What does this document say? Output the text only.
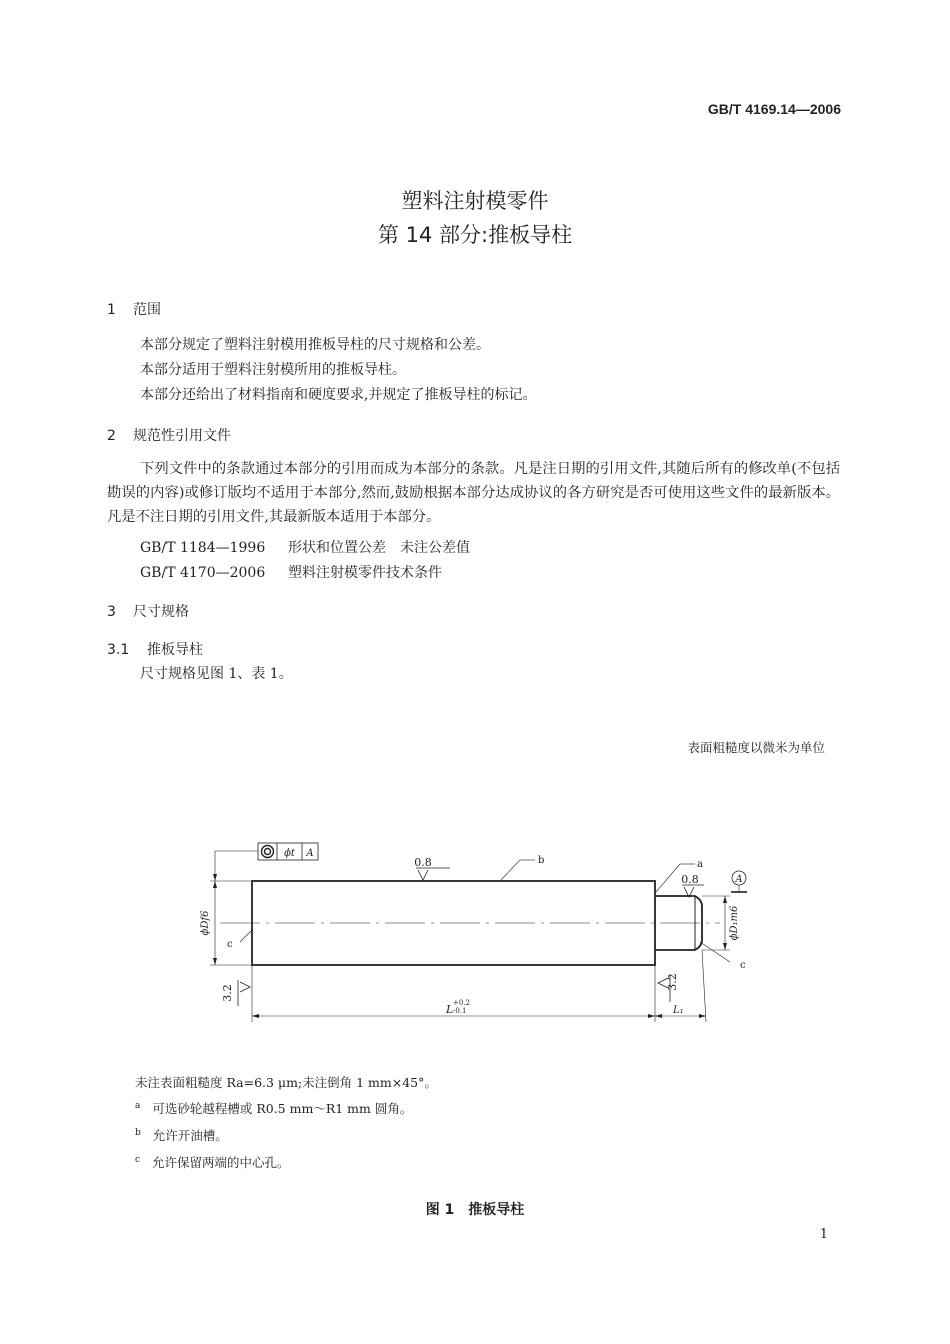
GB/T 4169.14—2006
塑料注射模零件
第 14 部分:推板导柱
1 范围
本部分规定了塑料注射模用推板导柱的尺寸规格和公差。
本部分适用于塑料注射模所用的推板导柱。
本部分还给出了材料指南和硬度要求,并规定了推板导柱的标记。
2 规范性引用文件
下列文件中的条款通过本部分的引用而成为本部分的条款。凡是注日期的引用文件,其随后所有的修改单(不包括勘误的内容)或修订版均不适用于本部分,然而,鼓励根据本部分达成协议的各方研究是否可使用这些文件的最新版本。凡是不注日期的引用文件,其最新版本适用于本部分。
GB/T 1184—1996 形状和位置公差　未注公差值
GB/T 4170—2006 塑料注射模零件技术条件
3 尺寸规格
3.1 推板导柱
尺寸规格见图 1、表 1。
表面粗糙度以微米为单位
0.8
0.8
3.2
3.2
b	a
c
c
ϕDf6	ϕD₁m6
A
ϕt A
L +0.2
-0.1	L₁
未注表面粗糙度 Ra=6.3 μm;未注倒角 1 mm×45°。
$^a$ 可选砂轮越程槽或 R0.5 mm～R1 mm 圆角。
$^b$ 允许开油槽。
$^c$ 允许保留两端的中心孔。
图 1　推板导柱
1
